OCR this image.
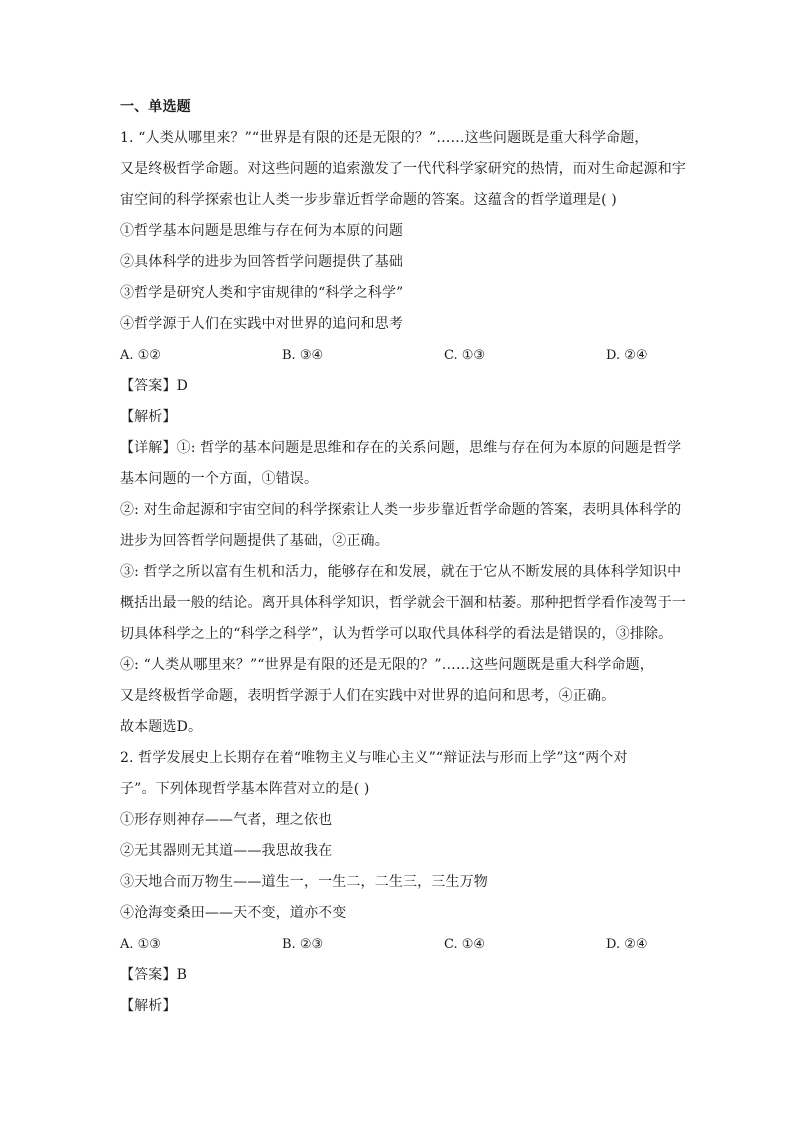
一、单选题
1. “人类从哪里来？”“世界是有限的还是无限的？”……这些问题既是重大科学命题，
又是终极哲学命题。对这些问题的追索激发了一代代科学家研究的热情，而对生命起源和宇
宙空间的科学探索也让人类一步步靠近哲学命题的答案。这蕴含的哲学道理是( )
①哲学基本问题是思维与存在何为本原的问题
②具体科学的进步为回答哲学问题提供了基础
③哲学是研究人类和宇宙规律的“科学之科学”
④哲学源于人们在实践中对世界的追问和思考
A. ①②	B. ③④	C. ①③	D. ②④
【答案】D
【解析】
【详解】①: 哲学的基本问题是思维和存在的关系问题，思维与存在何为本原的问题是哲学
基本问题的一个方面，①错误。
②: 对生命起源和宇宙空间的科学探索让人类一步步靠近哲学命题的答案，表明具体科学的
进步为回答哲学问题提供了基础，②正确。
③: 哲学之所以富有生机和活力，能够存在和发展，就在于它从不断发展的具体科学知识中
概括出最一般的结论。离开具体科学知识，哲学就会干涸和枯萎。那种把哲学看作凌驾于一
切具体科学之上的“科学之科学”，认为哲学可以取代具体科学的看法是错误的，③排除。
④: “人类从哪里来？”“世界是有限的还是无限的？”……这些问题既是重大科学命题，
又是终极哲学命题，表明哲学源于人们在实践中对世界的追问和思考，④正确。
故本题选D。
2. 哲学发展史上长期存在着“唯物主义与唯心主义”“辩证法与形而上学”这“两个对
子”。下列体现哲学基本阵营对立的是( )
①形存则神存——气者，理之依也
②无其器则无其道——我思故我在
③天地合而万物生——道生一，一生二，二生三，三生万物
④沧海变桑田——天不变，道亦不变
A. ①③	B. ②③	C. ①④	D. ②④
【答案】B
【解析】
